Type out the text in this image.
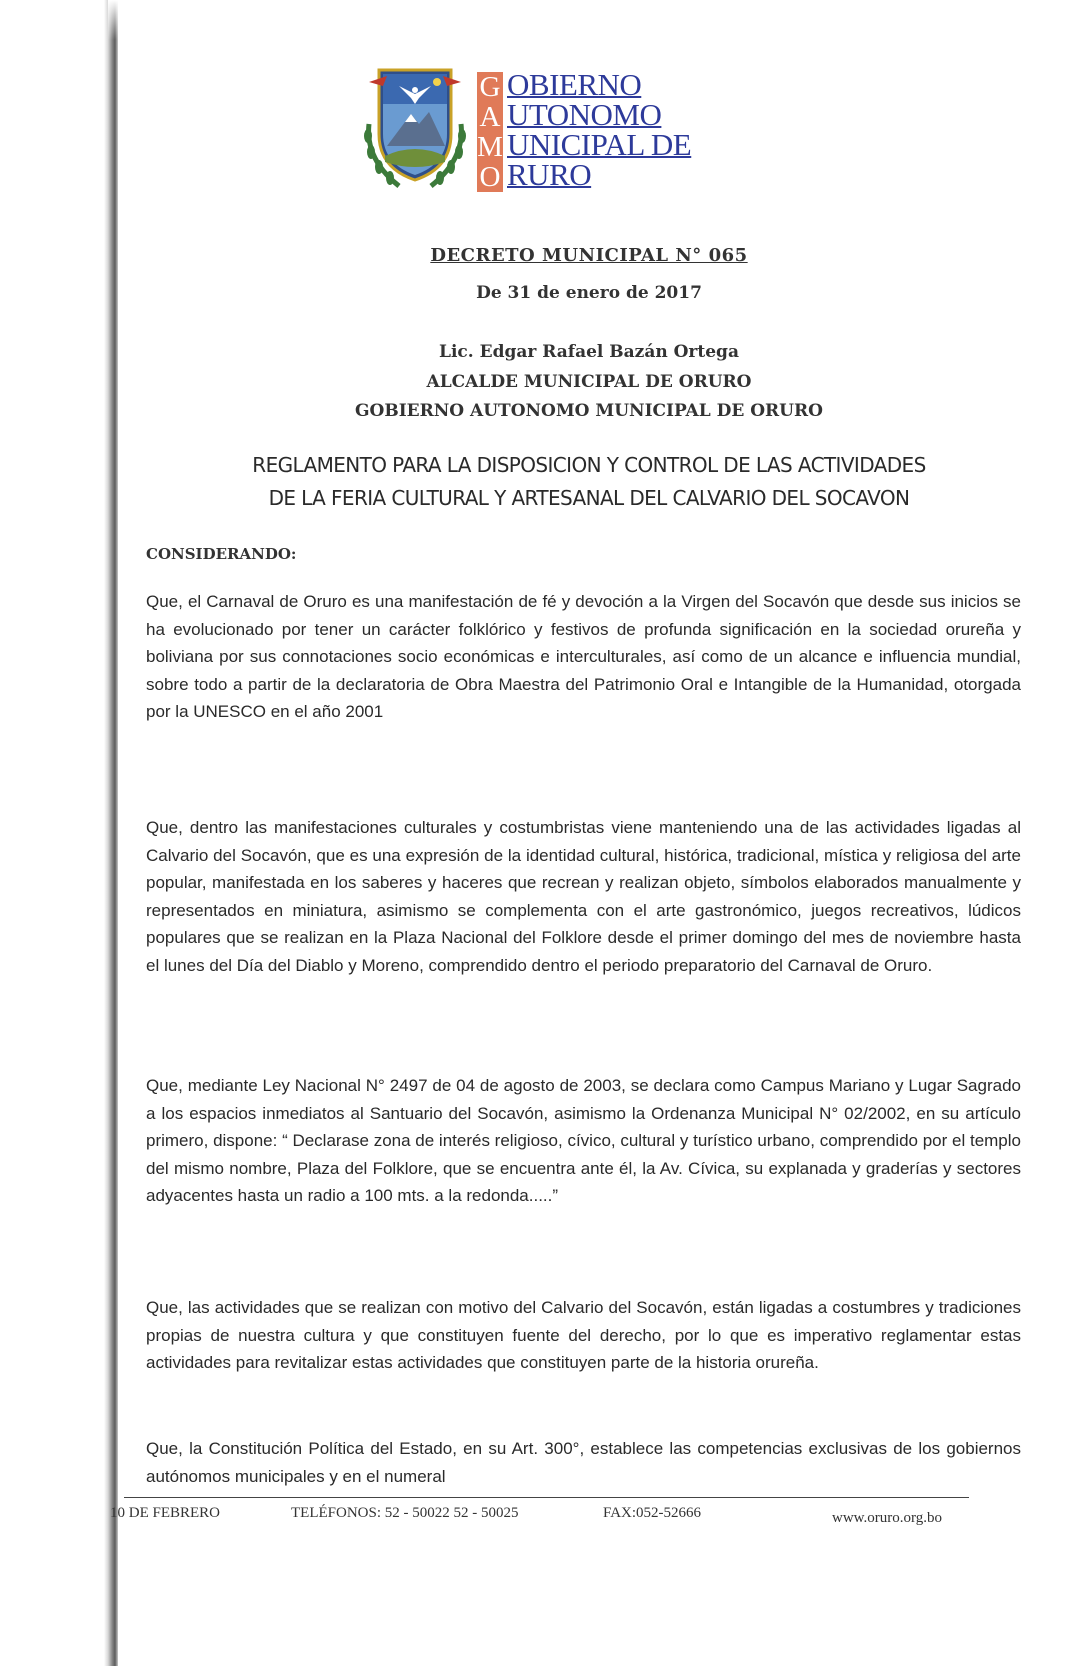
G
A
M
O
OBIERNO
UTONOMO
UNICIPAL DE
RURO
DECRETO MUNICIPAL N° 065
De 31 de enero de 2017
Lic. Edgar Rafael Bazán Ortega
ALCALDE MUNICIPAL DE ORURO
GOBIERNO AUTONOMO MUNICIPAL DE ORURO
REGLAMENTO PARA LA DISPOSICION Y CONTROL DE LAS ACTIVIDADES
DE LA FERIA CULTURAL Y ARTESANAL DEL CALVARIO DEL SOCAVON
CONSIDERANDO:

Que, el Carnaval de Oruro es una manifestación de fé y devoción a la Virgen del Socavón que desde sus inicios se ha evolucionado por tener un carácter folklórico y festivos de profunda significación en la sociedad orureña y boliviana por sus connotaciones socio económicas e interculturales, así como de un alcance e influencia mundial, sobre todo a partir de la declaratoria de Obra Maestra del Patrimonio Oral e Intangible de la Humanidad, otorgada por la UNESCO en el año 2001

Que, dentro las manifestaciones culturales y costumbristas viene manteniendo una de las actividades ligadas al Calvario del Socavón, que es una expresión de la identidad cultural, histórica, tradicional, mística y religiosa del arte popular, manifestada en los saberes y haceres que recrean y realizan objeto, símbolos elaborados manualmente y representados en miniatura, asimismo se complementa con el arte gastronómico, juegos recreativos, lúdicos populares que se realizan en la Plaza Nacional del Folklore desde el primer domingo del mes de noviembre hasta el lunes del Día del Diablo y Moreno, comprendido dentro el periodo preparatorio del Carnaval de Oruro.

Que, mediante Ley Nacional N° 2497 de 04 de agosto de 2003, se declara como Campus Mariano y Lugar Sagrado a los espacios inmediatos al Santuario del Socavón, asimismo la Ordenanza Municipal N° 02/2002, en su artículo primero, dispone: “ Declarase zona de interés religioso, cívico, cultural y turístico urbano, comprendido por el templo del mismo nombre, Plaza del Folklore, que se encuentra ante él, la Av. Cívica, su explanada y graderías y sectores adyacentes hasta un radio a 100 mts. a la redonda.....”

Que, las actividades que se realizan con motivo del Calvario del Socavón, están ligadas a costumbres y tradiciones propias de nuestra cultura y que constituyen fuente del derecho, por lo que es imperativo reglamentar estas actividades para revitalizar estas actividades que constituyen parte de la historia orureña.

Que, la Constitución Política del Estado, en su Art. 300°, establece las competencias exclusivas de los gobiernos autónomos municipales y en el numeral

10 DE FEBRERO	TELÉFONOS: 52 - 50022 52 - 50025	FAX:052-52666	www.oruro.org.bo
